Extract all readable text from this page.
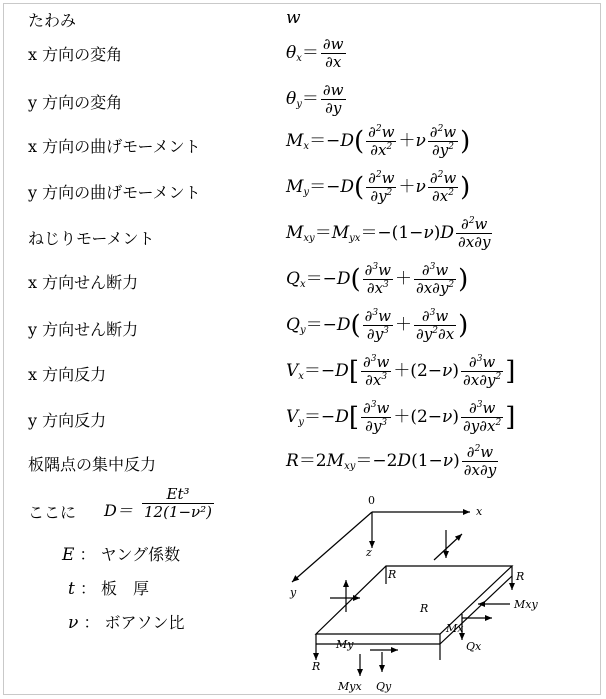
たわみ	w
x 方向の変角
y 方向の変角
x 方向の曲げモーメント
y 方向の曲げモーメント
ねじりモーメント
x 方向せん断力
y 方向せん断力
x 方向反力
y 方向反力
板隅点の集中反力
$\theta_x= \frac{\partial w}{\partial x}$
$\theta_y= \frac{\partial w}{\partial y}$
$M_x=-D( \frac{\partial^2w}{\partial x^2} +\nu \frac{\partial^2w}{\partial y^2}$ )
$M_y=-D( \frac{\partial^2w}{\partial y^2} +\nu \frac{\partial^2w}{\partial x^2}$ )
$M_{xy}=M_{yx}=-(1-\nu)D \frac{\partial^2w}{\partial x\partial y}$
$Q_x=-D( \frac{\partial^3w}{\partial x^3} + \frac{\partial^3w}{\partial x\partial y^2}$ )
$Q_y=-D( \frac{\partial^3w}{\partial y^3} + \frac{\partial^3w}{\partial y^2\partial x}$ )
$V_x=-D[ \frac{\partial^3w}{\partial x^3} +(2-\nu) \frac{\partial^3w}{\partial x\partial y^2}$ ]
$V_y=-D[ \frac{\partial^3w}{\partial y^3} +(2-\nu) \frac{\partial^3w}{\partial y\partial x^2}$ ]
$R=2M_{xy}=-2D(1-\nu) \frac{\partial^2w}{\partial x\partial y}$
ここに $D= \frac{\text{Et³}}{\text{12(1−ν²)}}$
E ： ヤング係数
t ： 板　厚
ν ： ボアソン比
0
x
z
y
R	R
R
R
Mxy
Mx
Qx
My
Myx Qy
